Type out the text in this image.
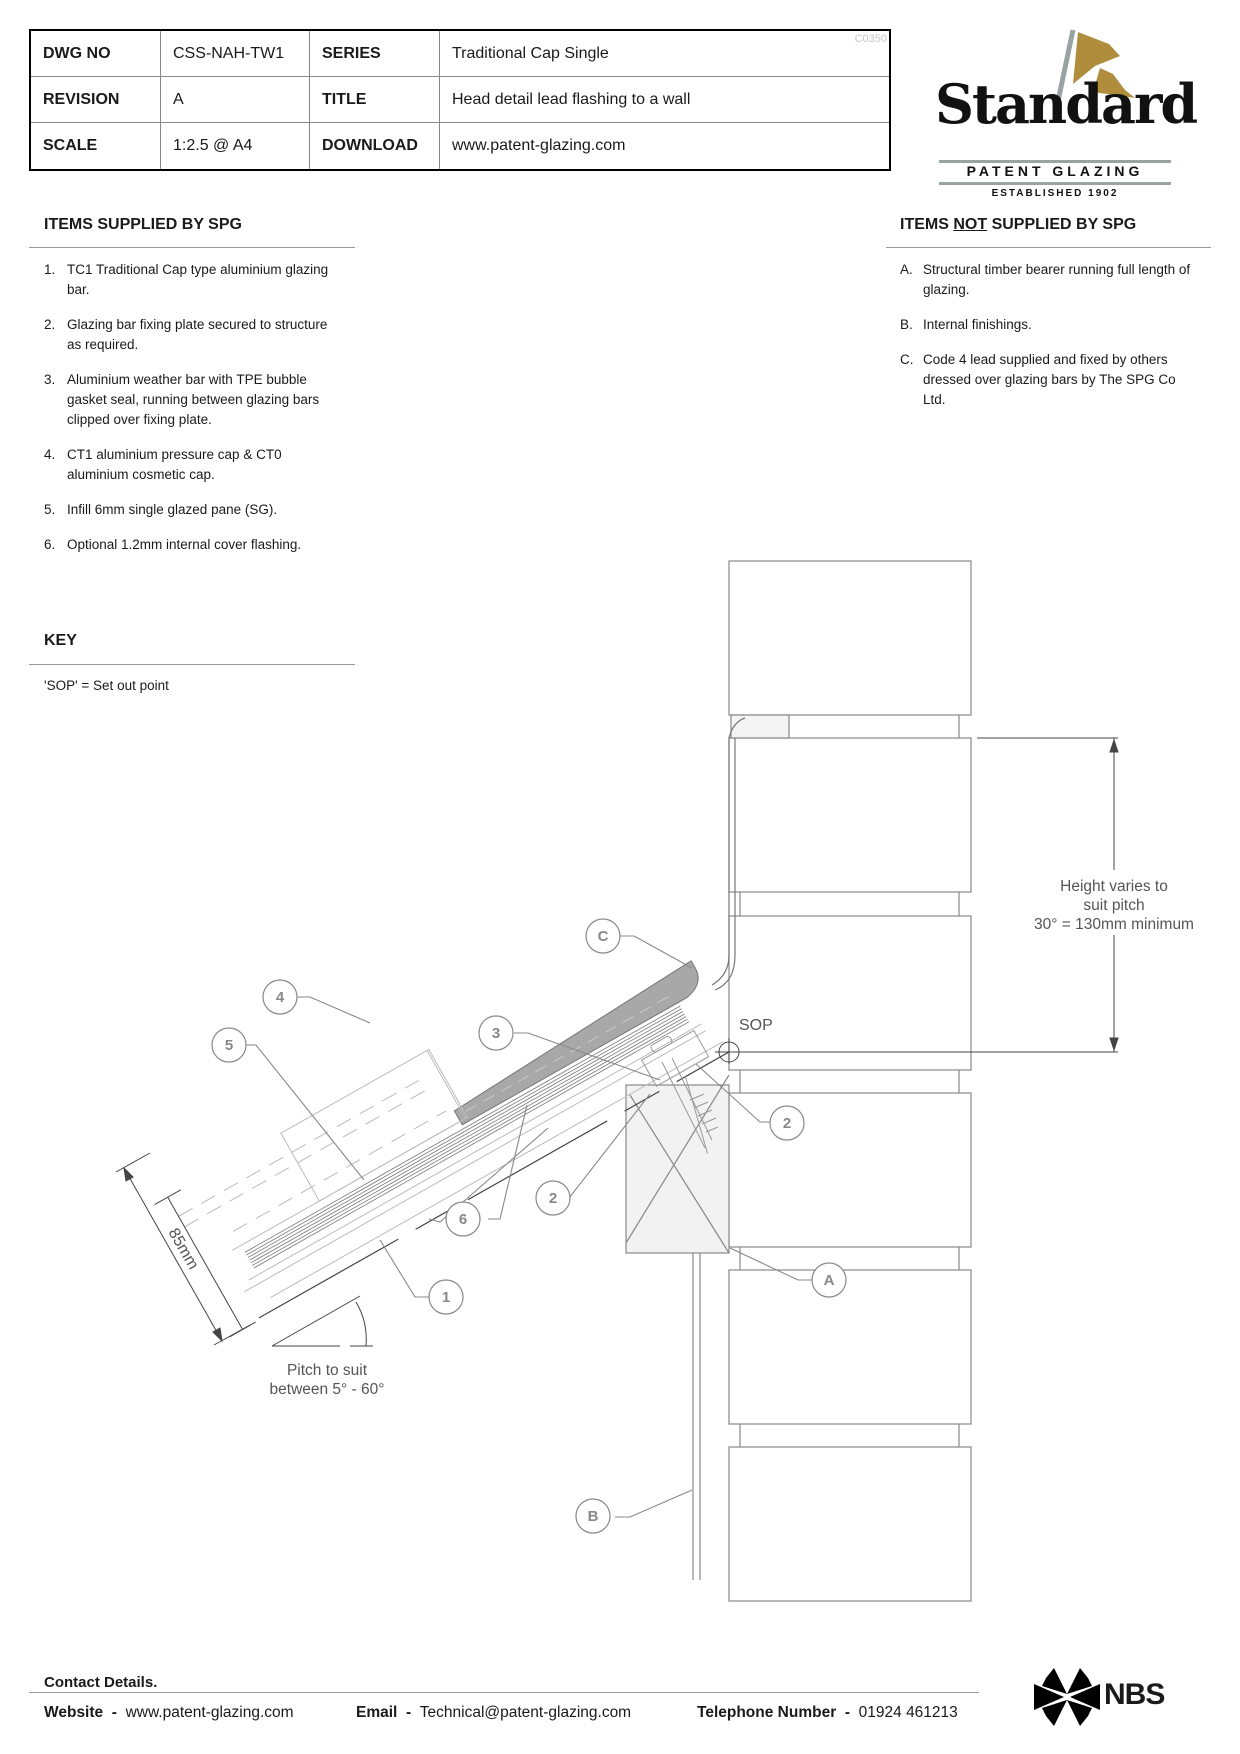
DWG NO	CSS-NAH-TW1	SERIES	Traditional Cap Single
C0350
REVISION	A	TITLE	Head detail lead flashing to a wall
SCALE	1:2.5 @ A4	DOWNLOAD	www.patent-glazing.com
Standard
PATENT GLAZING
ESTABLISHED 1902
ITEMS SUPPLIED BY SPG
1. TC1 Traditional Cap type aluminium glazing bar.
2. Glazing bar fixing plate secured to structure as required.
3. Aluminium weather bar with TPE bubble gasket seal, running between glazing bars clipped over fixing plate.
4. CT1 aluminium pressure cap & CT0 aluminium cosmetic cap.
5. Infill 6mm single glazed pane (SG).
6. Optional 1.2mm internal cover flashing.
ITEMS NOT SUPPLIED BY SPG
A. Structural timber bearer running full length of glazing.
B. Internal finishings.
C. Code 4 lead supplied and fixed by others dressed over glazing bars by The SPG Co Ltd.
KEY
'SOP' = Set out point
SOP
Height varies to
suit pitch
30° = 130mm minimum
85mm
Pitch to suit
between 5° - 60°
4
5
3
C
6
2
2
1
A
B
Contact Details.
Website - www.patent-glazing.com	Email - Technical@patent-glazing.com	Telephone Number - 01924 461213
NBS
